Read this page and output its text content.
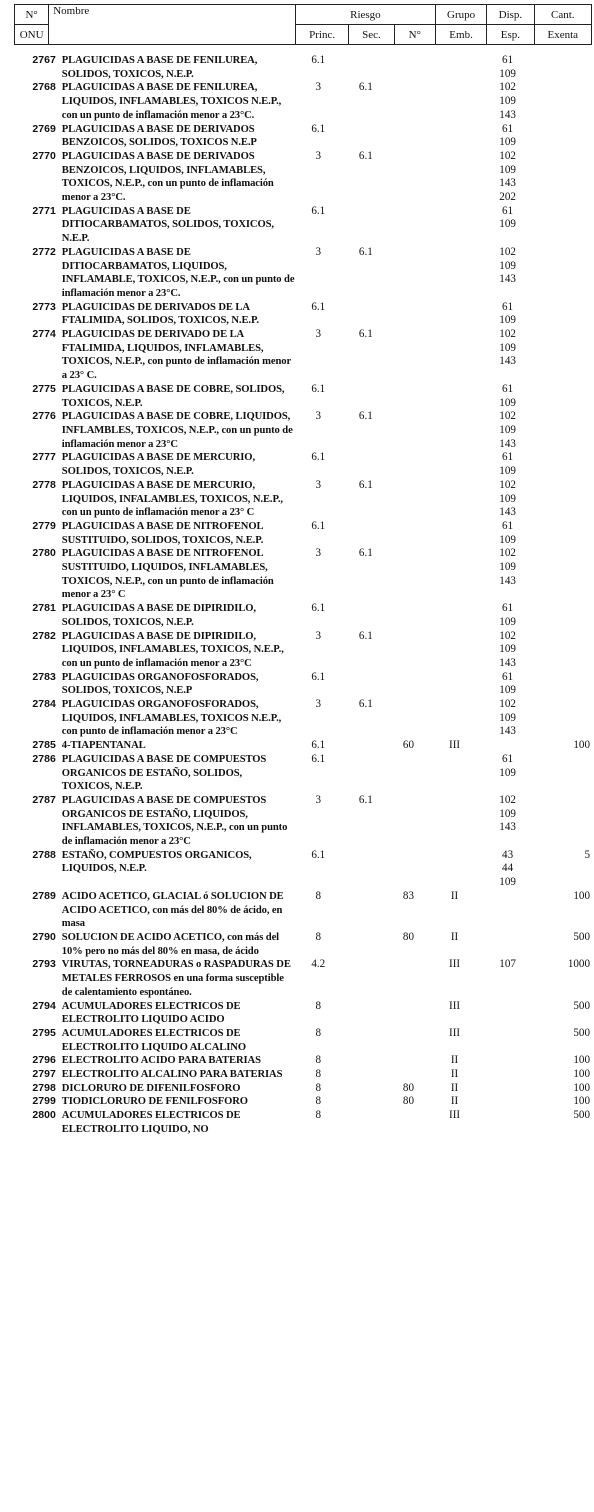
N°	Nombre	Riesgo			Grupo	Disp.	Cant.
ONU		Princ.	Sec.	N°	Emb.	Esp.	Exenta
2767	PLAGUICIDAS A BASE DE FENILUREA, SOLIDOS, TOXICOS, N.E.P.	6.1				61
109	
2768	PLAGUICIDAS A BASE DE FENILUREA, LIQUIDOS, INFLAMABLES, TOXICOS N.E.P., con un punto de inflamación menor a 23°C.	3	6.1			102
109
143	
2769	PLAGUICIDAS A BASE DE DERIVADOS BENZOICOS, SOLIDOS, TOXICOS N.E.P	6.1				61
109	
2770	PLAGUICIDAS A BASE DE DERIVADOS BENZOICOS, LIQUIDOS, INFLAMABLES, TOXICOS, N.E.P., con un punto de inflamación menor a 23°C.	3	6.1			102
109
143
202	
2771	PLAGUICIDAS A BASE DE DITIOCARBAMATOS, SOLIDOS, TOXICOS, N.E.P.	6.1				61
109	
2772	PLAGUICIDAS A BASE DE DITIOCARBAMATOS, LIQUIDOS, INFLAMABLE, TOXICOS, N.E.P., con un punto de inflamación menor a 23°C.	3	6.1			102
109
143	
2773	PLAGUICIDAS DE DERIVADOS DE LA FTALIMIDA, SOLIDOS, TOXICOS, N.E.P.	6.1				61
109	
2774	PLAGUICIDAS DE DERIVADO DE LA FTALIMIDA, LIQUIDOS, INFLAMABLES, TOXICOS, N.E.P., con punto de inflamación menor a 23° C.	3	6.1			102
109
143	
2775	PLAGUICIDAS A BASE DE COBRE, SOLIDOS, TOXICOS, N.E.P.	6.1				61
109	
2776	PLAGUICIDAS A BASE DE COBRE, LIQUIDOS, INFLAMBLES, TOXICOS, N.E.P., con un punto de inflamación menor a 23°C	3	6.1			102
109
143	
2777	PLAGUICIDAS A BASE DE MERCURIO, SOLIDOS, TOXICOS, N.E.P.	6.1				61
109	
2778	PLAGUICIDAS A BASE DE MERCURIO, LIQUIDOS, INFALAMBLES, TOXICOS, N.E.P., con un punto de inflamación menor a 23° C	3	6.1			102
109
143	
2779	PLAGUICIDAS A BASE DE NITROFENOL SUSTITUIDO, SOLIDOS, TOXICOS, N.E.P.	6.1				61
109	
2780	PLAGUICIDAS A BASE DE NITROFENOL SUSTITUIDO, LIQUIDOS, INFLAMABLES, TOXICOS, N.E.P., con un punto de inflamación menor a 23° C	3	6.1			102
109
143	
2781	PLAGUICIDAS A BASE DE DIPIRIDILO, SOLIDOS, TOXICOS, N.E.P.	6.1				61
109	
2782	PLAGUICIDAS A BASE DE DIPIRIDILO, LIQUIDOS, INFLAMABLES, TOXICOS, N.E.P., con un punto de inflamación menor a 23°C	3	6.1			102
109
143	
2783	PLAGUICIDAS ORGANOFOSFORADOS, SOLIDOS, TOXICOS, N.E.P	6.1				61
109	
2784	PLAGUICIDAS ORGANOFOSFORADOS, LIQUIDOS, INFLAMABLES, TOXICOS N.E.P., con punto de inflamación menor a 23°C	3	6.1			102
109
143	
2785	4-TIAPENTANAL	6.1		60	III		100
2786	PLAGUICIDAS A BASE DE COMPUESTOS ORGANICOS DE ESTAÑO, SOLIDOS, TOXICOS, N.E.P.	6.1				61
109	
2787	PLAGUICIDAS A BASE DE COMPUESTOS ORGANICOS DE ESTAÑO, LIQUIDOS, INFLAMABLES, TOXICOS, N.E.P., con un punto de inflamación menor a 23°C	3	6.1			102
109
143	
2788	ESTAÑO, COMPUESTOS ORGANICOS, LIQUIDOS, N.E.P.	6.1				43
44
109	5
2789	ACIDO ACETICO, GLACIAL ó SOLUCION DE ACIDO ACETICO, con más del 80% de ácido, en masa	8		83	II		100
2790	SOLUCION DE ACIDO ACETICO, con más del 10% pero no más del 80% en masa, de ácido	8		80	II		500
2793	VIRUTAS, TORNEADURAS o RASPADURAS DE METALES FERROSOS en una forma susceptible de calentamiento espontáneo.	4.2			III	107	1000
2794	ACUMULADORES ELECTRICOS DE ELECTROLITO LIQUIDO ACIDO	8			III		500
2795	ACUMULADORES ELECTRICOS DE ELECTROLITO LIQUIDO ALCALINO	8			III		500
2796	ELECTROLITO ACIDO PARA BATERIAS	8			II		100
2797	ELECTROLITO ALCALINO PARA BATERIAS	8			II		100
2798	DICLORURO DE DIFENILFOSFORO	8		80	II		100
2799	TIODICLORURO DE FENILFOSFORO	8		80	II		100
2800	ACUMULADORES ELECTRICOS DE ELECTROLITO LIQUIDO, NO	8			III		500
